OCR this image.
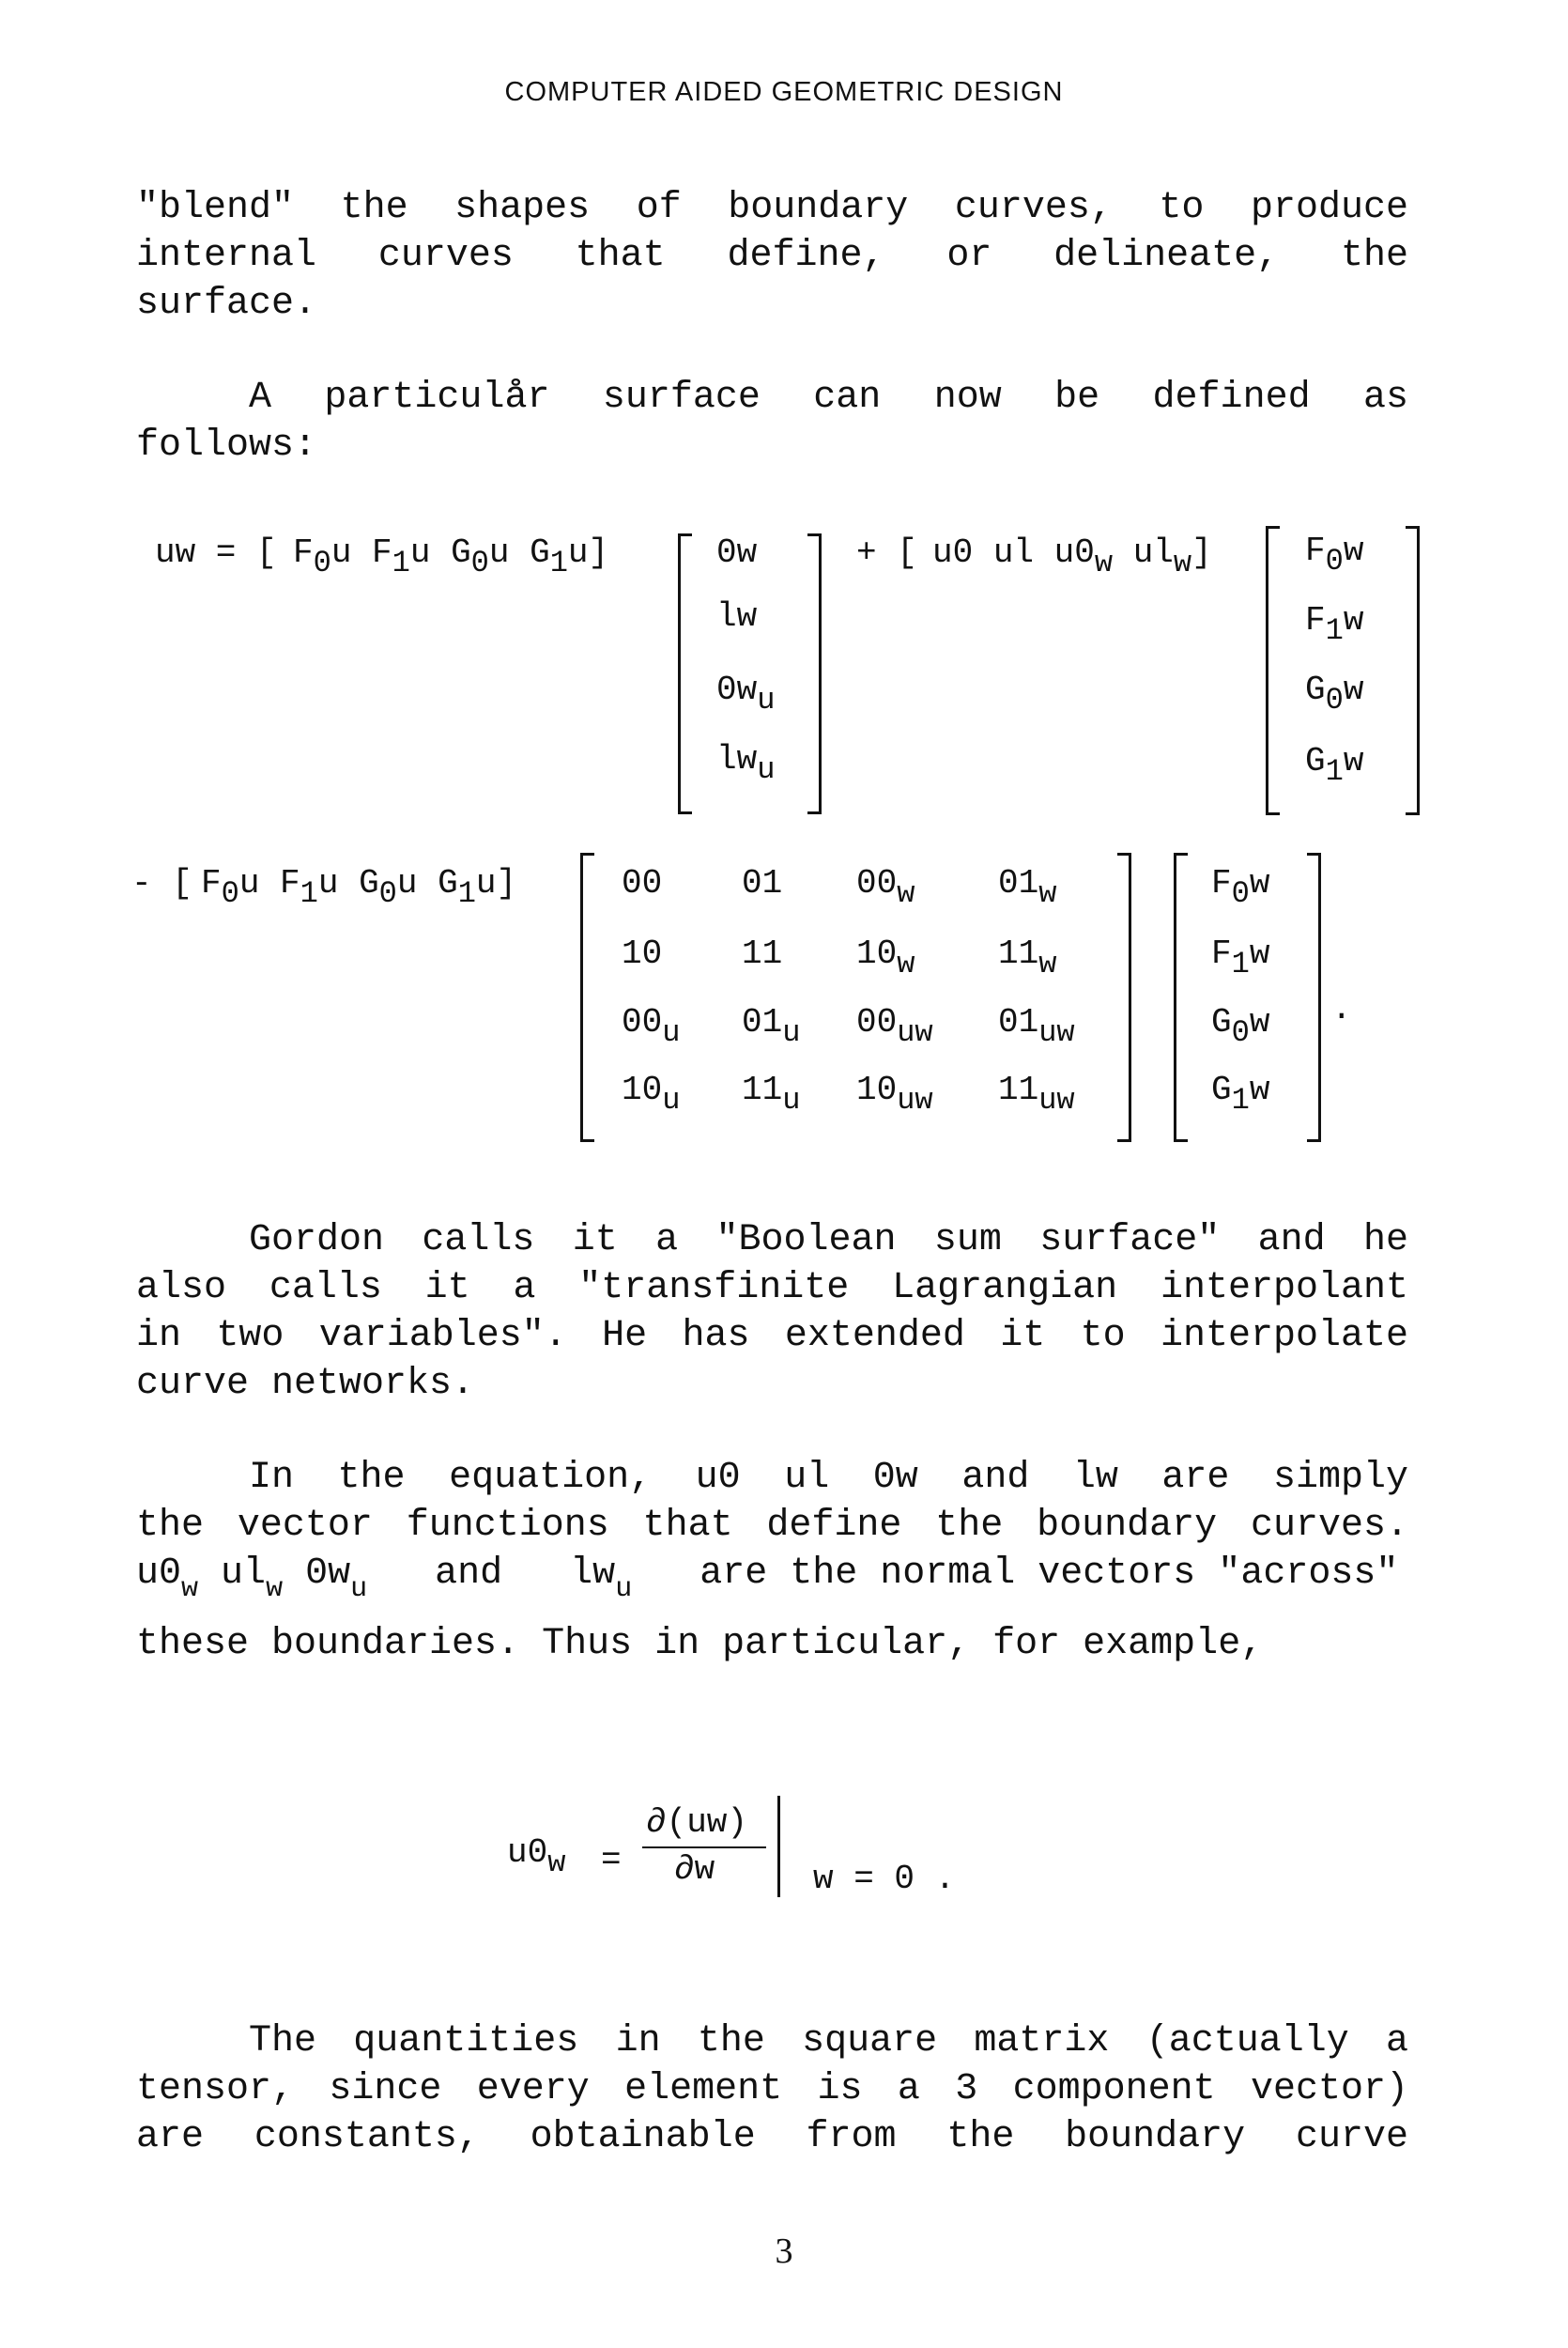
COMPUTER AIDED GEOMETRIC DESIGN
"blend" the shapes of boundary curves, to produce
internal curves that define, or delineate, the
surface.
A particulår surface can now be defined as
follows:
uw = [ $F_0u$ $F_1u$ $G_0u$ $G_1u$]	0w
lw
$0w_u$
$lw_u$
+ [ u0 ul $u0_w$ $ul_w$]	$F_0w$
$F_1w$
$G_0w$
$G_1w$
- [ $F_0u$ $F_1u$ $G_0u$ $G_1u$]	00 01 $00_w$ $01_w$
10 11 $10_w$ $11_w$
$00_u$ $01_u$ $00_{uw}$ $01_{uw}$
$10_u$ $11_u$ $10_{uw}$ $11_{uw}$
$F_0w$
$F_1w$
$G_0w$
$G_1w$
.
Gordon calls it a "Boolean sum surface" and he
also calls it a "transfinite Lagrangian interpolant
in two variables". He has extended it to interpolate
curve networks.
In the equation, u0 ul 0w and lw are simply
the vector functions that define the boundary curves.
$u0_w$ $ul_w$ $0w_u$ and $lw_u$ are the normal vectors "across"
these boundaries. Thus in particular, for example,
$u0_w$ =
∂(uw)
∂w	w = 0 .
The quantities in the square matrix (actually a
tensor, since every element is a 3 component vector)
are constants, obtainable from the boundary curve
3
